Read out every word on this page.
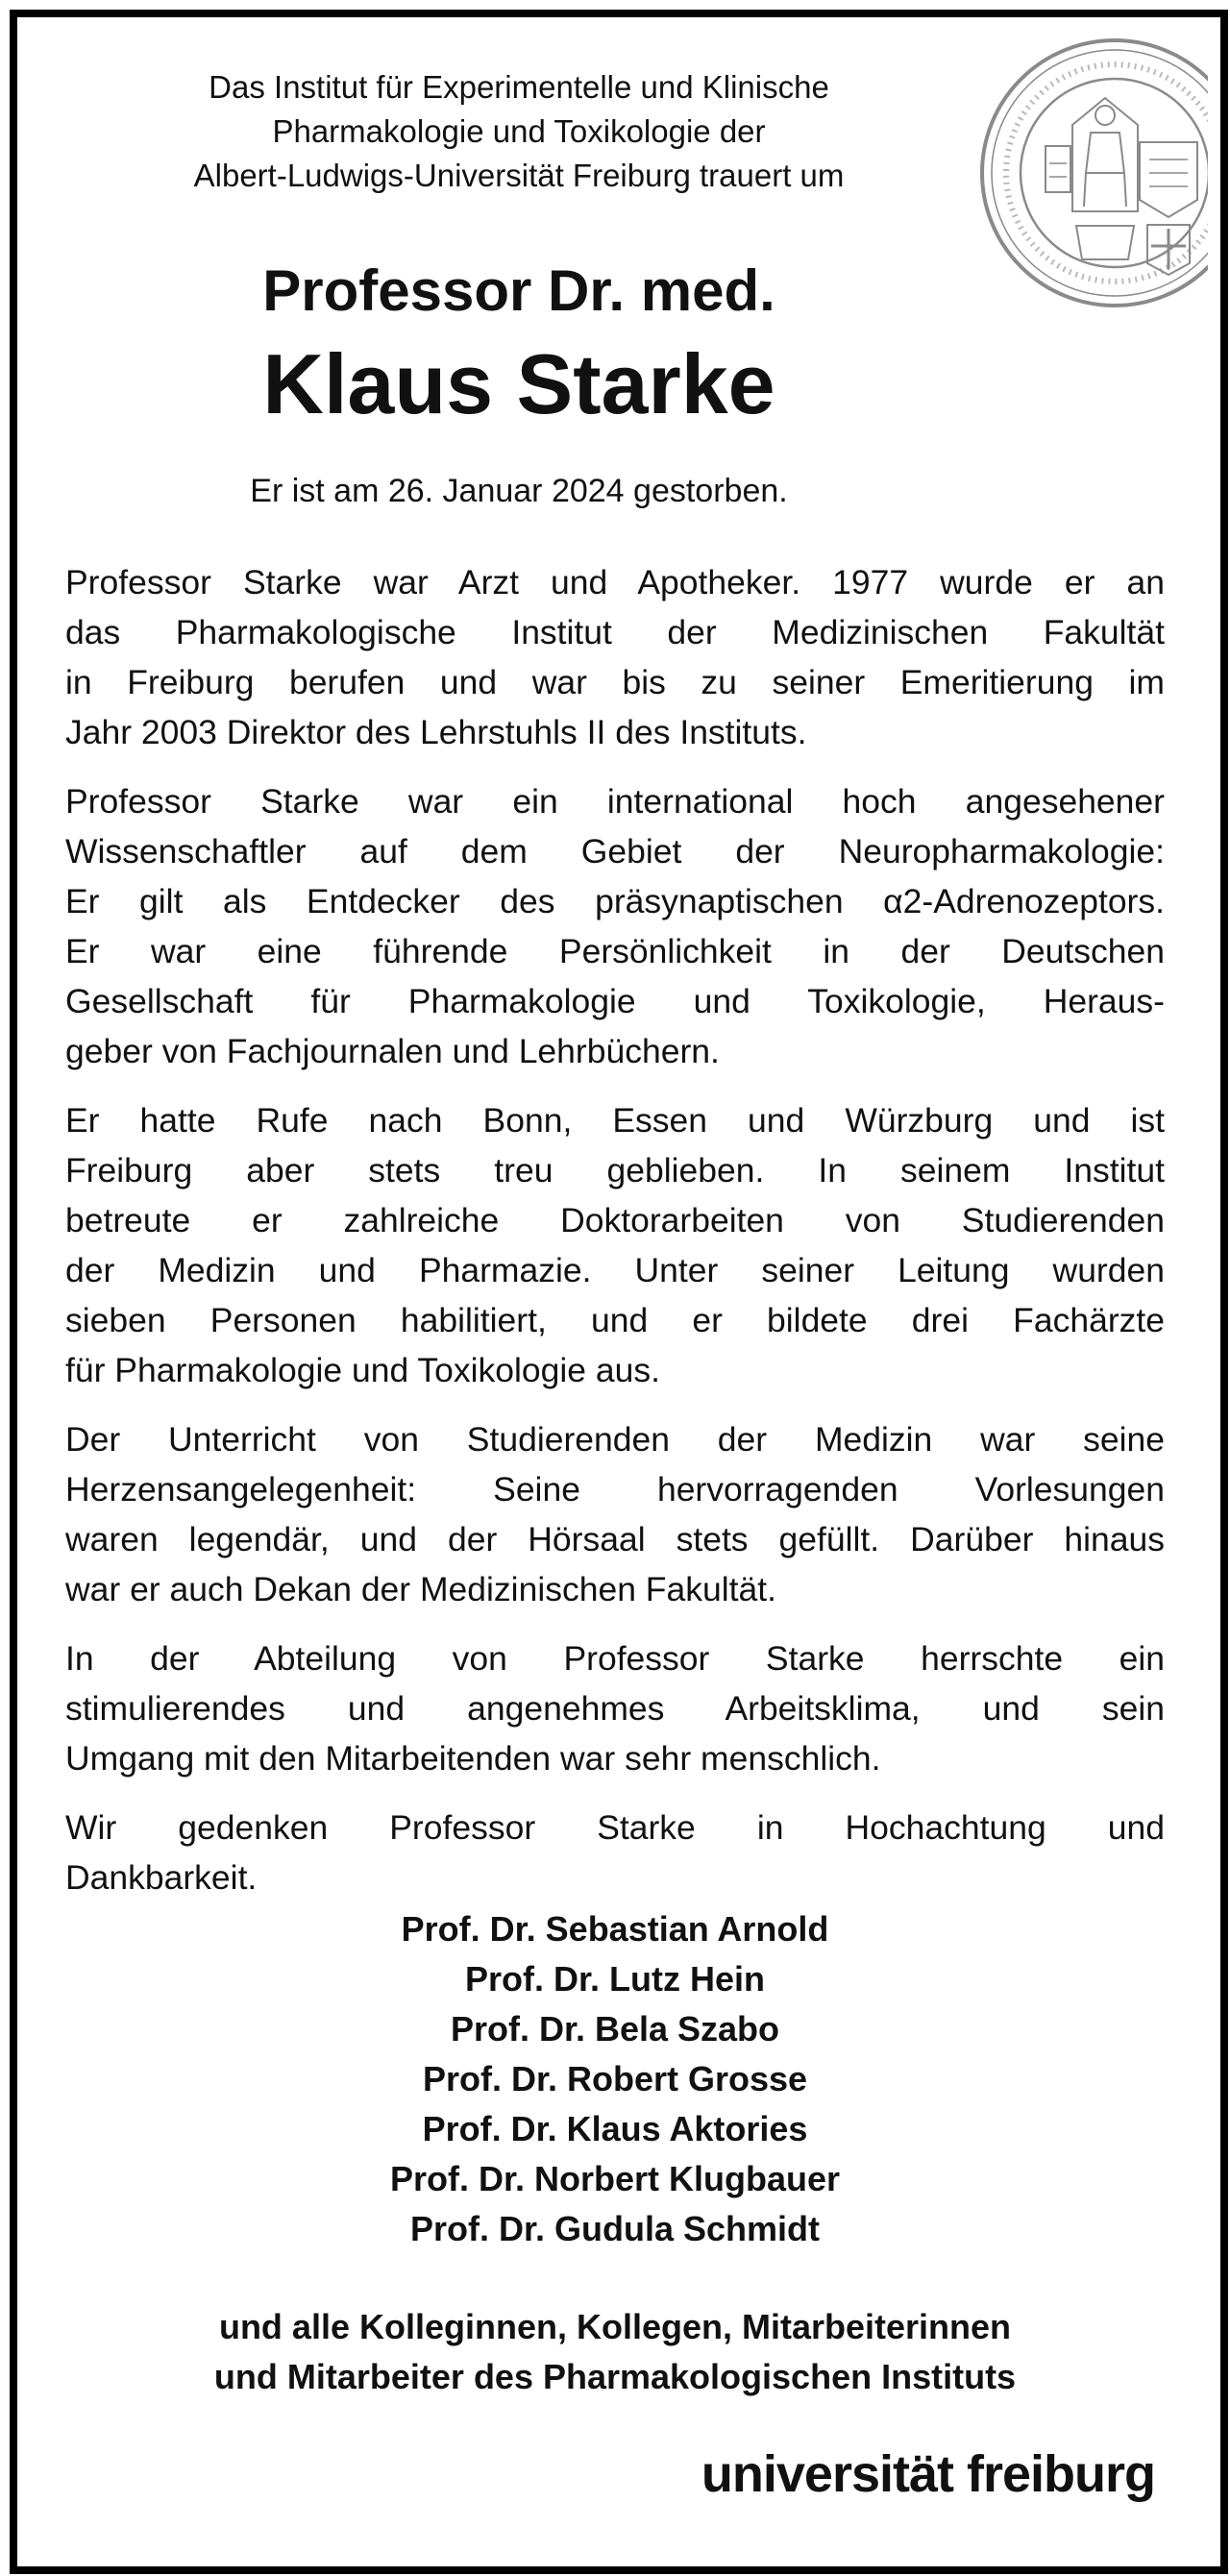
Das Institut für Experimentelle und Klinische
Pharmakologie und Toxikologie der
Albert-Ludwigs-Universität Freiburg trauert um
Professor Dr. med.
Klaus Starke
Er ist am 26. Januar 2024 gestorben.
Professor Starke war Arzt und Apotheker. 1977 wurde er an
das Pharmakologische Institut der Medizinischen Fakultät
in Freiburg berufen und war bis zu seiner Emeritierung im
Jahr 2003 Direktor des Lehrstuhls II des Instituts.
Professor Starke war ein international hoch angesehener
Wissenschaftler auf dem Gebiet der Neuropharmakologie:
Er gilt als Entdecker des präsynaptischen α2-Adrenozeptors.
Er war eine führende Persönlichkeit in der Deutschen
Gesellschaft für Pharmakologie und Toxikologie, Heraus-
geber von Fachjournalen und Lehrbüchern.
Er hatte Rufe nach Bonn, Essen und Würzburg und ist
Freiburg aber stets treu geblieben. In seinem Institut
betreute er zahlreiche Doktorarbeiten von Studierenden
der Medizin und Pharmazie. Unter seiner Leitung wurden
sieben Personen habilitiert, und er bildete drei Fachärzte
für Pharmakologie und Toxikologie aus.
Der Unterricht von Studierenden der Medizin war seine
Herzensangelegenheit: Seine hervorragenden Vorlesungen
waren legendär, und der Hörsaal stets gefüllt. Darüber hinaus
war er auch Dekan der Medizinischen Fakultät.
In der Abteilung von Professor Starke herrschte ein
stimulierendes und angenehmes Arbeitsklima, und sein
Umgang mit den Mitarbeitenden war sehr menschlich.
Wir gedenken Professor Starke in Hochachtung und
Dankbarkeit.
Prof. Dr. Sebastian Arnold
Prof. Dr. Lutz Hein
Prof. Dr. Bela Szabo
Prof. Dr. Robert Grosse
Prof. Dr. Klaus Aktories
Prof. Dr. Norbert Klugbauer
Prof. Dr. Gudula Schmidt
und alle Kolleginnen, Kollegen, Mitarbeiterinnen
und Mitarbeiter des Pharmakologischen Instituts
universität freiburg
